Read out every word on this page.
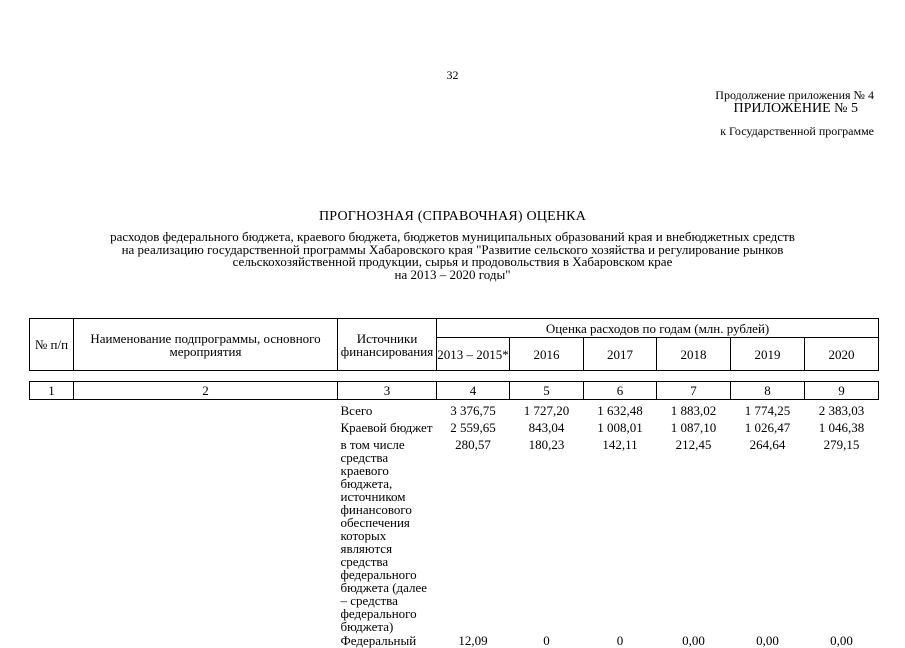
32
Продолжение приложения № 4
ПРИЛОЖЕНИЕ № 5
к Государственной программе
ПРОГНОЗНАЯ (СПРАВОЧНАЯ) ОЦЕНКА
расходов федерального бюджета, краевого бюджета, бюджетов муниципальных образований края и внебюджетных средств
на реализацию государственной программы Хабаровского края "Развитие сельского хозяйства и регулирование рынков
сельскохозяйственной продукции, сырья и продовольствия в Хабаровском крае
на 2013 – 2020 годы"
№ п/п	Наименование подпрограммы, основного мероприятия	Источники финансирования	Оценка расходов по годам (млн. рублей)					
			2013 – 2015*	2016	2017	2018	2019	2020

1	2	3	4	5	6	7	8	9

		Всего	3 376,75	1 727,20	1 632,48	1 883,02	1 774,25	2 383,03
		Краевой бюджет	2 559,65	843,04	1 008,01	1 087,10	1 026,47	1 046,38
		в том числе средства краевого бюджета, источником финансового обеспечения которых являются средства федерального бюджета (далее – средства федерального бюджета)	280,57	180,23	142,11	212,45	264,64	279,15
		Федеральный	12,09	0	0	0,00	0,00	0,00
